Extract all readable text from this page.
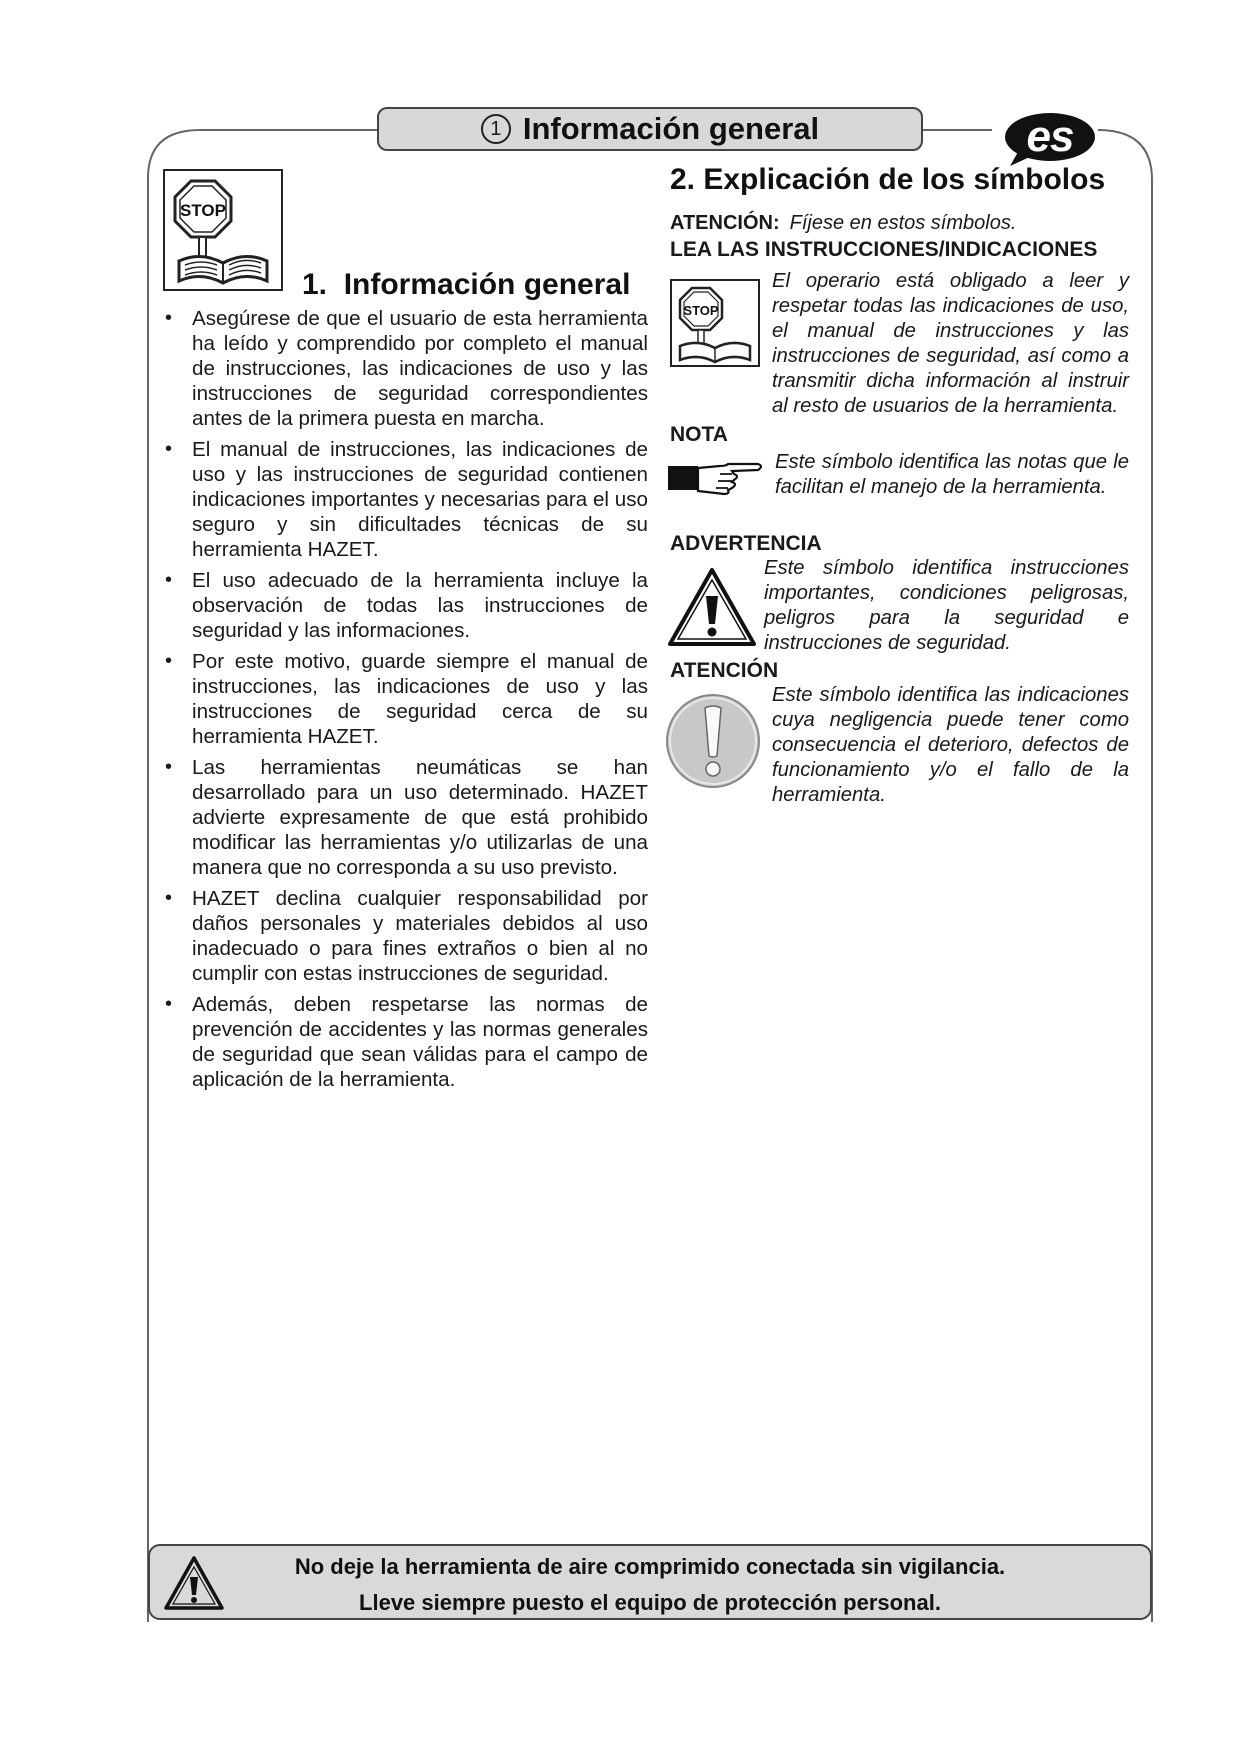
1 Información general	es
STOP
1. Información general
• Asegúrese de que el usuario de esta herramienta ha leído y comprendido por completo el manual de instrucciones, las indicaciones de uso y las instrucciones de seguridad correspondientes antes de la primera puesta en marcha.
• El manual de instrucciones, las indicaciones de uso y las instrucciones de seguridad contienen indicaciones importantes y necesarias para el uso seguro y sin dificultades técnicas de su herramienta HAZET.
• El uso adecuado de la herramienta incluye la observación de todas las instrucciones de seguridad y las informaciones.
• Por este motivo, guarde siempre el manual de instrucciones, las indicaciones de uso y las instrucciones de seguridad cerca de su herramienta HAZET.
• Las herramientas neumáticas se han desarrollado para un uso determinado. HAZET advierte expresamente de que está prohibido modificar las herramientas y/o utilizarlas de una manera que no corresponda a su uso previsto.
• HAZET declina cualquier responsabilidad por daños personales y materiales debidos al uso inadecuado o para fines extraños o bien al no cumplir con estas instrucciones de seguridad.
• Además, deben respetarse las normas de prevención de accidentes y las normas generales de seguridad que sean válidas para el campo de aplicación de la herramienta.
2. Explicación de los símbolos
ATENCIÓN: Fíjese en estos símbolos.
LEA LAS INSTRUCCIONES/INDICACIONES
STOP
El operario está obligado a leer y respetar todas las indicaciones de uso, el manual de instrucciones y las instrucciones de seguridad, así como a transmitir dicha información al instruir al resto de usuarios de la herramienta.
NOTA
Este símbolo identifica las notas que le facilitan el manejo de la herramienta.
ADVERTENCIA
Este símbolo identifica instrucciones importantes, condiciones peligrosas, peligros para la seguridad e instrucciones de seguridad.
ATENCIÓN
Este símbolo identifica las indicaciones cuya negligencia puede tener como consecuencia el deterioro, defectos de funcionamiento y/o el fallo de la herramienta.
No deje la herramienta de aire comprimido conectada sin vigilancia.
Lleve siempre puesto el equipo de protección personal.
